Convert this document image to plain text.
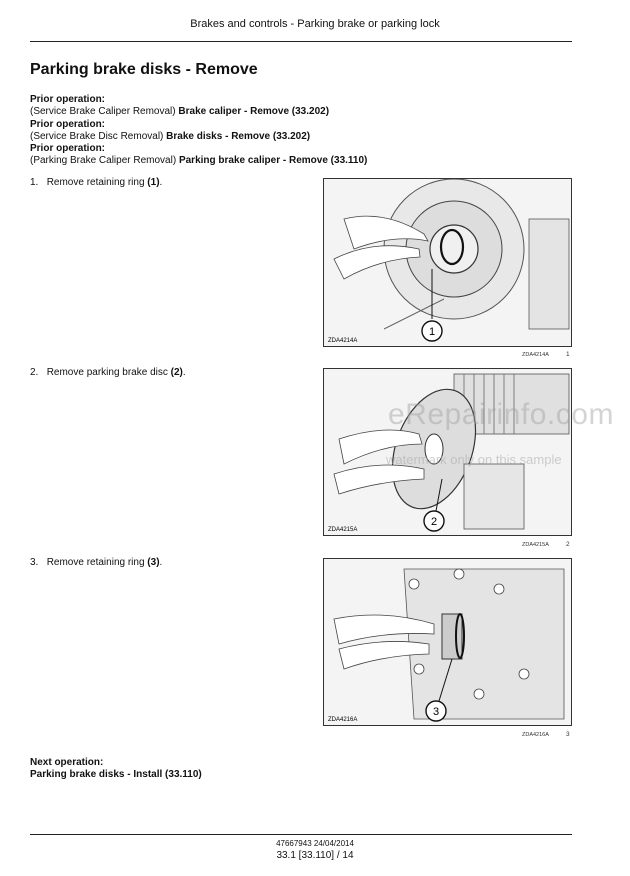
Brakes and controls - Parking brake or parking lock
Parking brake disks - Remove
Prior operation:
(Service Brake Caliper Removal) Brake caliper - Remove (33.202)
Prior operation:
(Service Brake Disc Removal) Brake disks - Remove (33.202)
Prior operation:
(Parking Brake Caliper Removal) Parking brake caliper - Remove (33.110)
1. Remove retaining ring (1).
1
ZDA4214A
ZDA4214A	1
2. Remove parking brake disc (2).
2
ZDA4215A
ZDA4215A	2
3. Remove retaining ring (3).
3
ZDA4216A
ZDA4216A	3
Next operation:
Parking brake disks - Install (33.110)
eRepairinfo.com
watermark only on this sample
47667943 24/04/2014
33.1 [33.110] / 14
